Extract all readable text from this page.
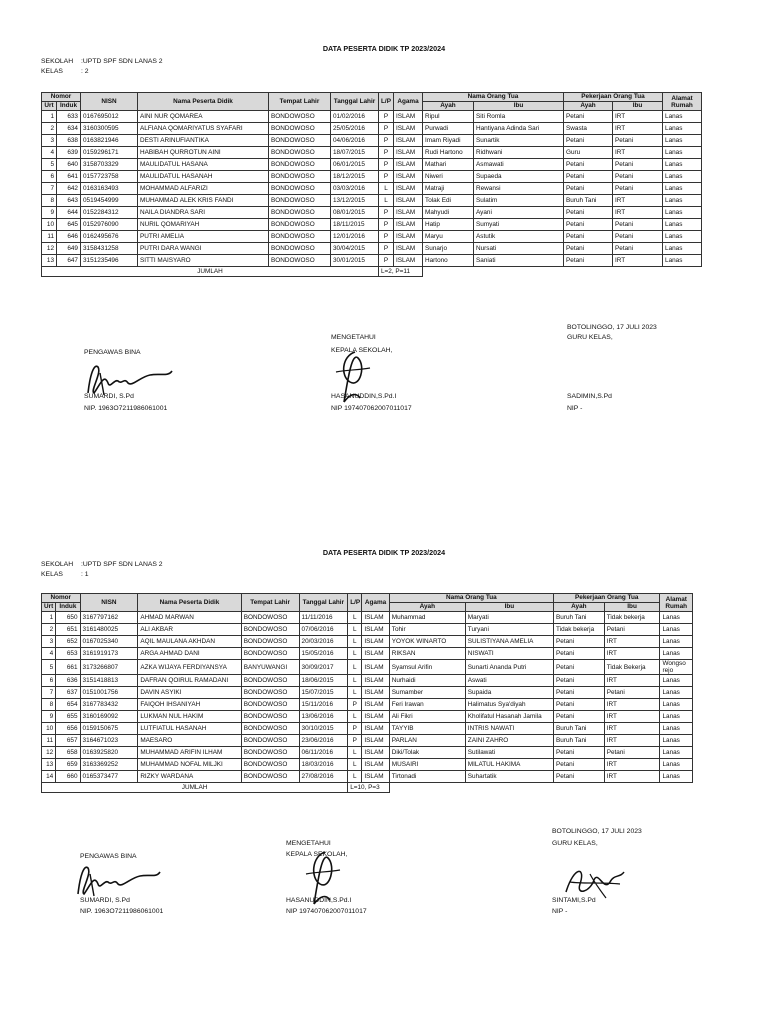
DATA PESERTA DIDIK TP 2023/2024
SEKOLAH :UPTD SPF SDN LANAS 2
KELAS	: 2
Nomor		NISN	Nama Peserta Didik	Tempat Lahir	Tanggal Lahir	L/P	Agama	Nama Orang Tua		Pekerjaan Orang Tua		Alamat Rumah
Urt	Induk							Ayah	Ibu	Ayah	Ibu	
1	633	0167695012	AINI NUR QOMAREA	BONDOWOSO	01/02/2016	P	ISLAM	Ripul	Siti Romla	Petani	IRT	Lanas
2	634	3160300595	ALFIANA QOMARIYATUS SYAFARI	BONDOWOSO	25/05/2016	P	ISLAM	Purwadi	Hantiyana Adinda Sari	Swasta	IRT	Lanas
3	638	0163821946	DESTI ARINUFIANTIKA	BONDOWOSO	04/06/2016	P	ISLAM	Imam Riyadi	Sunartik	Petani	Petani	Lanas
4	639	0159296171	HABIBAH QURROTUN AINI	BONDOWOSO	18/07/2015	P	ISLAM	Rudi Hartono	Ridhwani	Guru	IRT	Lanas
5	640	3158703329	MAULIDATUL HASANA	BONDOWOSO	06/01/2015	P	ISLAM	Mathari	Asmawati	Petani	Petani	Lanas
6	641	0157723758	MAULIDATUL HASANAH	BONDOWOSO	18/12/2015	P	ISLAM	Niweri	Supaeda	Petani	Petani	Lanas
7	642	0163163493	MOHAMMAD ALFARIZI	BONDOWOSO	03/03/2016	L	ISLAM	Matraji	Rewansi	Petani	Petani	Lanas
8	643	0519454999	MUHAMMAD ALEK KRIS FANDI	BONDOWOSO	13/12/2015	L	ISLAM	Tolak Edi	Sulatim	Buruh Tani	IRT	Lanas
9	644	0152284312	NAILA DIANDRA SARI	BONDOWOSO	08/01/2015	P	ISLAM	Mahyudi	Ayani	Petani	IRT	Lanas
10	645	0152976090	NURIL QOMARIYAH	BONDOWOSO	18/11/2015	P	ISLAM	Hatip	Sumyati	Petani	Petani	Lanas
11	646	0162495676	PUTRI AMELIA	BONDOWOSO	12/01/2016	P	ISLAM	Maryu	Astutik	Petani	Petani	Lanas
12	649	3158431258	PUTRI DARA WANGI	BONDOWOSO	30/04/2015	P	ISLAM	Sunarjo	Nursati	Petani	Petani	Lanas
13	647	3151235496	SITTI MAISYARO	BONDOWOSO	30/01/2015	P	ISLAM	Hartono	Saniati	Petani	IRT	Lanas
JUMLAH						L=2, P=11						
BOTOLINGGO, 17 JULI 2023
GURU KELAS,
MENGETAHUI
KEPALA SEKOLAH,
PENGAWAS BINA
SUMARDI, S.Pd
NIP. 1963O7211986061001
HASANUDDIN,S.Pd.I
NIP 197407062007011017
SADIMIN,S.Pd
NIP -
DATA PESERTA DIDIK TP 2023/2024
SEKOLAH :UPTD SPF SDN LANAS 2
KELAS	: 1
Nomor		NISN	Nama Peserta Didik	Tempat Lahir	Tanggal Lahir	L/P	Agama	Nama Orang Tua		Pekerjaan Orang Tua		Alamat Rumah
Urt	Induk							Ayah	Ibu	Ayah	Ibu	
1	650	3167797162	AHMAD MARWAN	BONDOWOSO	11/11/2016	L	ISLAM	Muhammad	Maryati	Buruh Tani	Tidak bekerja	Lanas
2	651	3161480025	ALI AKBAR	BONDOWOSO	07/06/2016	L	ISLAM	Tohir	Turyani	Tidak bekerja	Petani	Lanas
3	652	0167025340	AQIL MAULANA AKHDAN	BONDOWOSO	20/03/2016	L	ISLAM	YOYOK WINARTO	SULISTIYANA AMELIA	Petani	IRT	Lanas
4	653	3161919173	ARGA AHMAD DANI	BONDOWOSO	15/05/2016	L	ISLAM	RIKSAN	NISWATI	Petani	IRT	Lanas
5	661	3173266807	AZKA WIJAYA FERDIYANSYA	BANYUWANGI	30/09/2017	L	ISLAM	Syamsul Arifin	Sunarti Ananda Putri	Petani	Tidak Bekerja	Wongso rejo
6	636	3151418813	DAFRAN QOIRUL RAMADANI	BONDOWOSO	18/06/2015	L	ISLAM	Nurhaidi	Aswati	Petani	IRT	Lanas
7	637	0151001756	DAVIN ASYIKI	BONDOWOSO	15/07/2015	L	ISLAM	Sumamber	Supaida	Petani	Petani	Lanas
8	654	3167783432	FAIQOH IHSANIYAH	BONDOWOSO	15/11/2016	P	ISLAM	Feri Irawan	Halimatus Sya'diyah	Petani	IRT	Lanas
9	655	3160169092	LUKMAN NUL HAKIM	BONDOWOSO	13/06/2016	L	ISLAM	Ali Fikri	Kholifatul Hasanah Jamila	Petani	IRT	Lanas
10	656	0159150675	LUTFIATUL HASANAH	BONDOWOSO	30/10/2015	P	ISLAM	TAYYIB	INTRIS NAWATI	Buruh Tani	IRT	Lanas
11	657	3164671023	MAESARO	BONDOWOSO	23/06/2016	P	ISLAM	PARLAN	ZAINI ZAHRO	Buruh Tani	IRT	Lanas
12	658	0163925820	MUHAMMAD ARIFIN ILHAM	BONDOWOSO	06/11/2016	L	ISLAM	Diki/Tolak	Sutilawati	Petani	Petani	Lanas
13	659	3163369252	MUHAMMAD NOFAL MILJKI	BONDOWOSO	18/03/2016	L	ISLAM	MUSAIRI	MILATUL HAKIMA	Petani	IRT	Lanas
14	660	0165373477	RIZKY WARDANA	BONDOWOSO	27/08/2016	L	ISLAM	Tirtonadi	Suhartatik	Petani	IRT	Lanas
JUMLAH						L=10, P=3						
BOTOLINGGO, 17 JULI 2023
GURU KELAS,
MENGETAHUI
KEPALA SEKOLAH,
PENGAWAS BINA
SUMARDI, S.Pd
NIP. 1963O7211986061001
HASANUDDIN,S.Pd.I
NIP 197407062007011017
SINTAMI,S.Pd
NIP -
